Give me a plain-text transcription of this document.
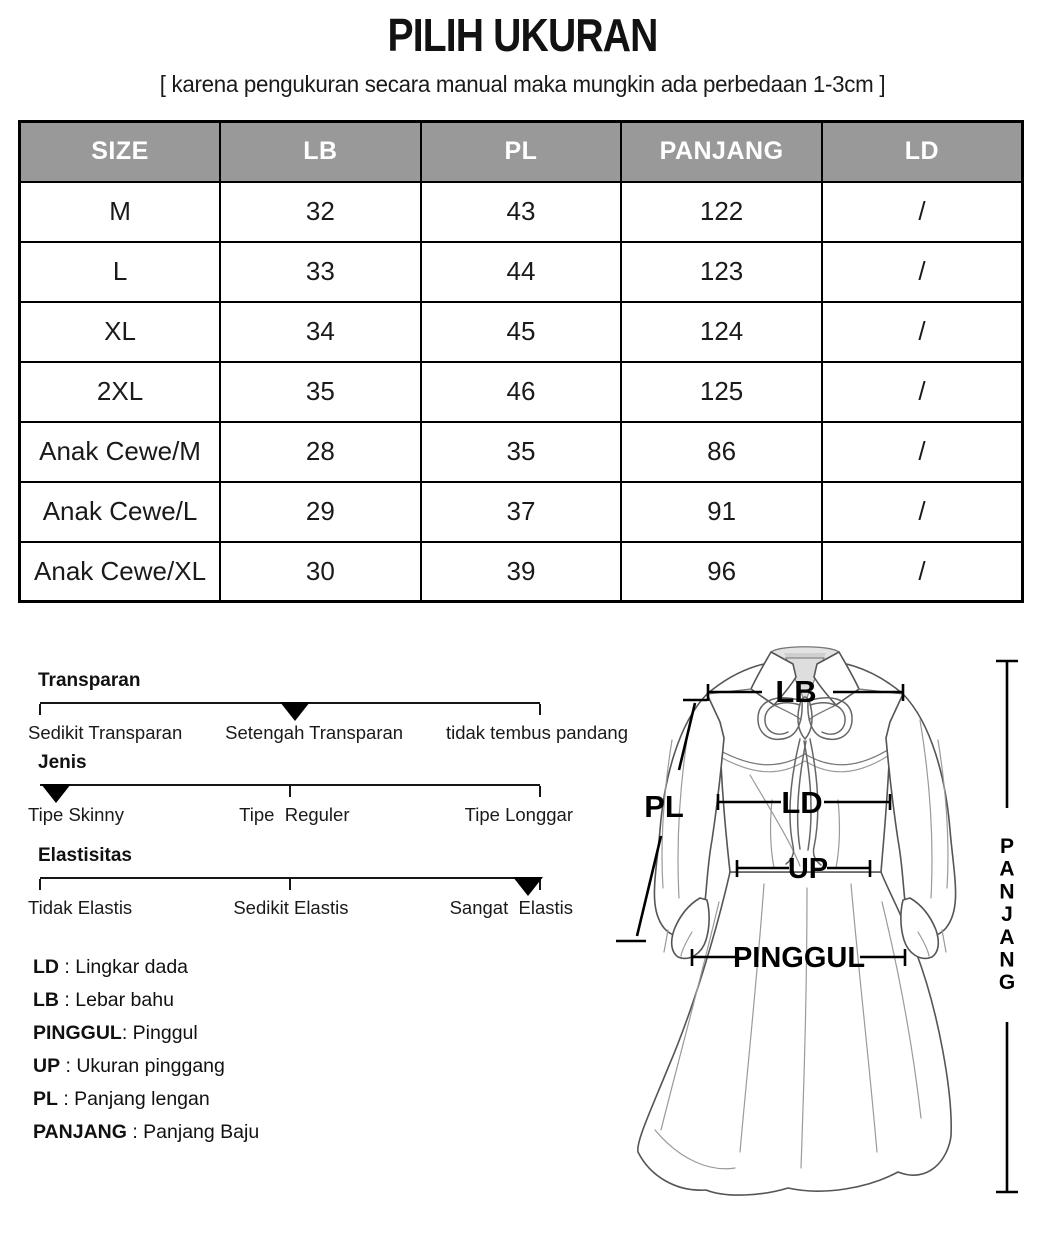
PILIH UKURAN
[ karena pengukuran secara manual maka mungkin ada perbedaan 1-3cm ]
SIZE	LB	PL	PANJANG	LD
M	32	43	122	/
L	33	44	123	/
XL	34	45	124	/
2XL	35	46	125	/
Anak Cewe/M	28	35	86	/
Anak Cewe/L	29	37	91	/
Anak Cewe/XL	30	39	96	/
Transparan
Sedikit Transparan Setengah Transparan tidak tembus pandang
Jenis
Tipe Skinny	Tipe  Reguler	Tipe Longgar
Elastisitas
Tidak Elastis	Sedikit Elastis	Sangat  Elastis
LD : Lingkar dada
LB : Lebar bahu
PINGGUL: Pinggul
UP : Ukuran pinggang
PL : Panjang lengan
PANJANG : Panjang Baju
LB
LD
UP
PINGGUL
PL
P
A
N
J
A
N
G
